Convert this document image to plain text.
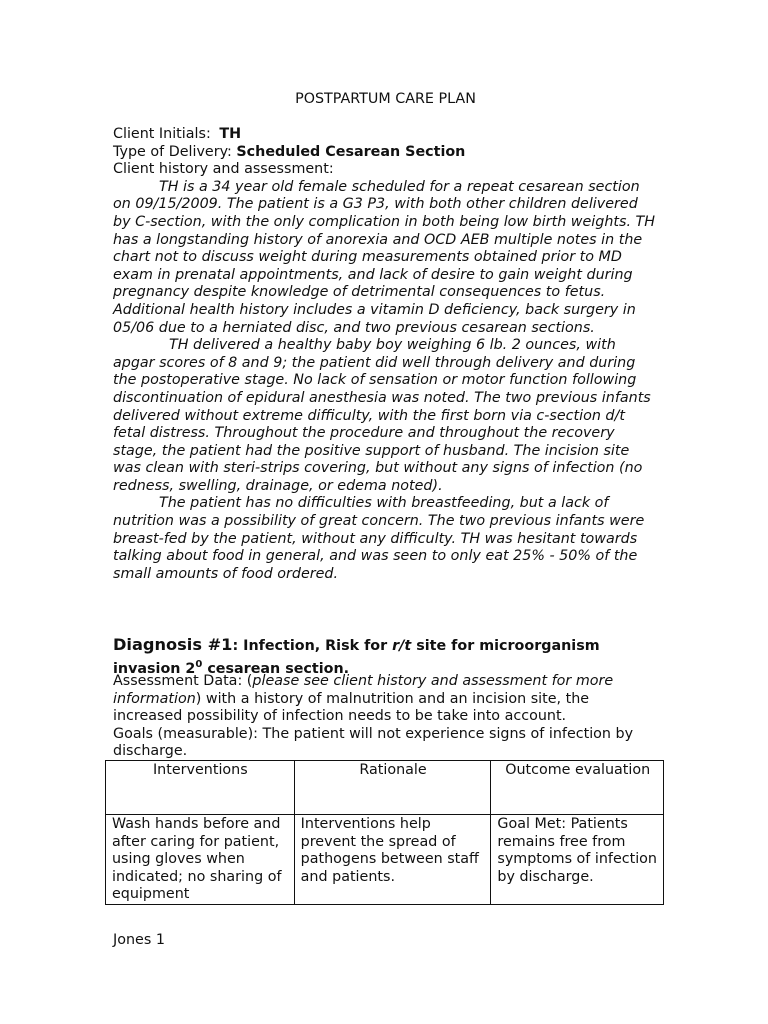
POSTPARTUM CARE PLAN

Client Initials: TH

Type of Delivery: Scheduled Cesarean Section

Client history and assessment:

TH is a 34 year old female scheduled for a repeat cesarean section on 09/15/2009. The patient is a G3 P3, with both other children delivered by C-section, with the only complication in both being low birth weights. TH has a longstanding history of anorexia and OCD AEB multiple notes in the chart not to discuss weight during measurements obtained prior to MD exam in prenatal appointments, and lack of desire to gain weight during pregnancy despite knowledge of detrimental consequences to fetus. Additional health history includes a vitamin D deficiency, back surgery in 05/06 due to a herniated disc, and two previous cesarean sections.

TH delivered a healthy baby boy weighing 6 lb. 2 ounces, with apgar scores of 8 and 9; the patient did well through delivery and during the postoperative stage. No lack of sensation or motor function following discontinuation of epidural anesthesia was noted. The two previous infants delivered without extreme difficulty, with the first born via c-section d/t fetal distress. Throughout the procedure and throughout the recovery stage, the patient had the positive support of husband. The incision site was clean with steri-strips covering, but without any signs of infection (no redness, swelling, drainage, or edema noted).

The patient has no difficulties with breastfeeding, but a lack of nutrition was a possibility of great concern. The two previous infants were breast-fed by the patient, without any difficulty. TH was hesitant towards talking about food in general, and was seen to only eat 25% - 50% of the small amounts of food ordered.

Diagnosis #1: Infection, Risk for r/t site for microorganism invasion $2^0$ cesarean section.

Assessment Data: (please see client history and assessment for more information) with a history of malnutrition and an incision site, the increased possibility of infection needs to be take into account.

Goals (measurable): The patient will not experience signs of infection by discharge.

Interventions	Rationale	Outcome evaluation
Wash hands before and after caring for patient, using gloves when indicated; no sharing of equipment	Interventions help prevent the spread of pathogens between staff and patients.	Goal Met: Patients remains free from symptoms of infection by discharge.
Jones 1
